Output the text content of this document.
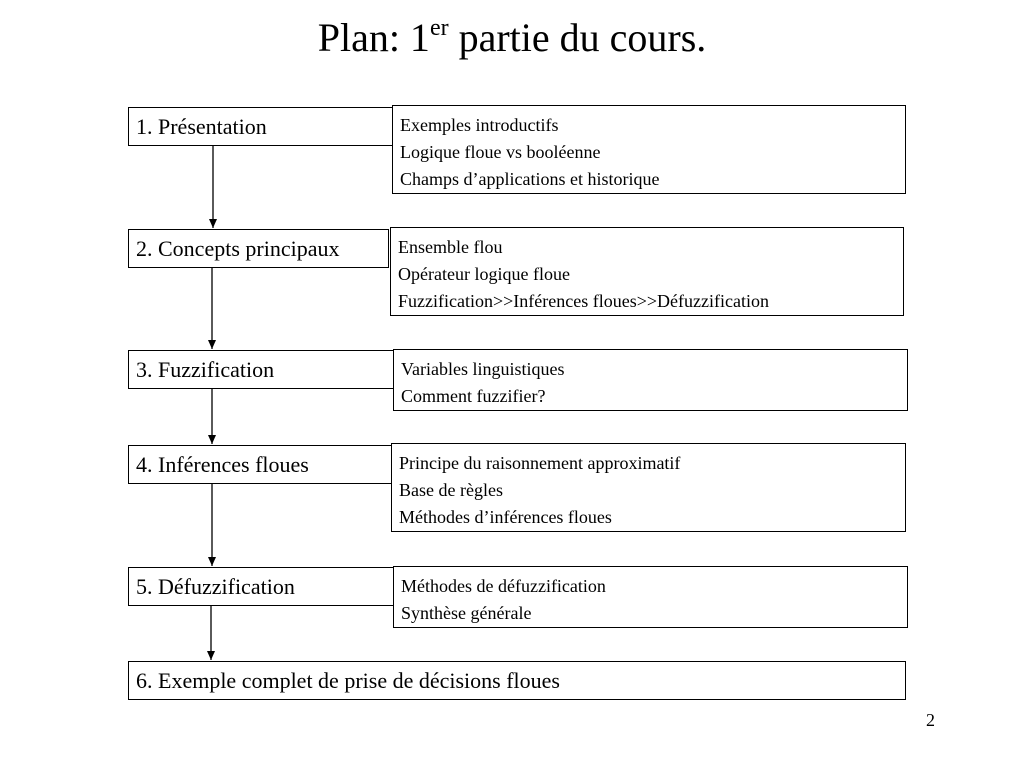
Plan: 1er partie du cours.
1. Présentation	Exemples introductifs
Logique floue vs booléenne
Champs d’applications et historique
2. Concepts principaux	Ensemble flou
Opérateur logique floue
Fuzzification>>Inférences floues>>Défuzzification
3. Fuzzification	Variables linguistiques
Comment fuzzifier?
4. Inférences floues	Principe du raisonnement approximatif
Base de règles
Méthodes d’inférences floues
5. Défuzzification	Méthodes de défuzzification
Synthèse générale
6. Exemple complet de prise de décisions floues
2
